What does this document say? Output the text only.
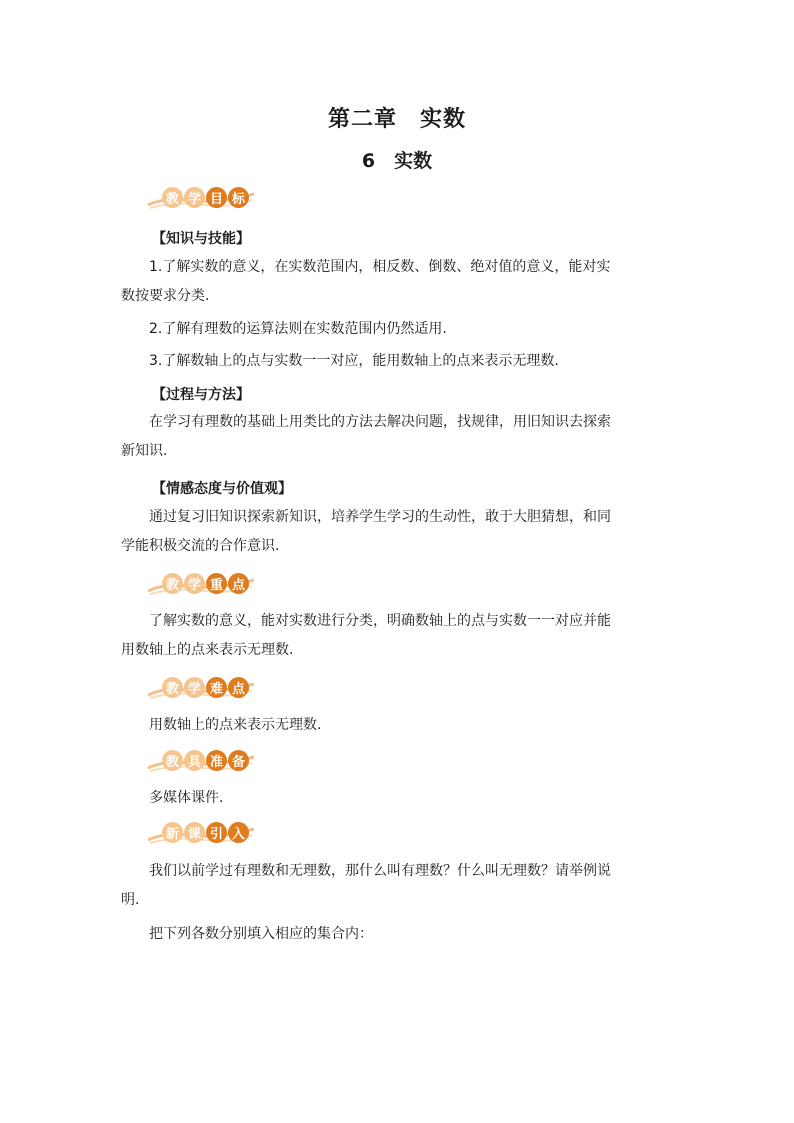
第二章　实数
6　实数
教 学 目 标
【知识与技能】
1.了解实数的意义，在实数范围内，相反数、倒数、绝对值的意义，能对实
数按要求分类.
2.了解有理数的运算法则在实数范围内仍然适用.
3.了解数轴上的点与实数一一对应，能用数轴上的点来表示无理数.
【过程与方法】
在学习有理数的基础上用类比的方法去解决问题，找规律，用旧知识去探索
新知识.
【情感态度与价值观】
通过复习旧知识探索新知识，培养学生学习的生动性，敢于大胆猜想，和同
学能积极交流的合作意识.
教 学 重 点
了解实数的意义，能对实数进行分类，明确数轴上的点与实数一一对应并能
用数轴上的点来表示无理数.
教 学 难 点
用数轴上的点来表示无理数.
教 具 准 备
多媒体课件.
新 课 引 入
我们以前学过有理数和无理数，那什么叫有理数？什么叫无理数？请举例说
明.
把下列各数分别填入相应的集合内：
